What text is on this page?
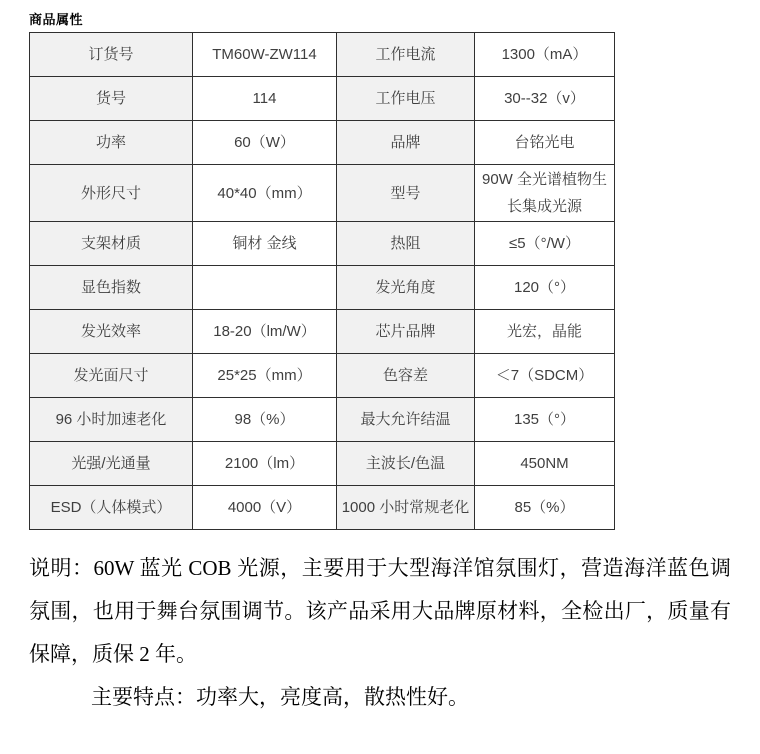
商品属性
订货号	TM60W-ZW114	工作电流	1300（mA）
货号	114	工作电压	30--32（v）
功率	60（W）	品牌	台铭光电
外形尺寸	40*40（mm）	型号	90W 全光谱植物生长集成光源
支架材质	铜材 金线	热阻	≤5（°/W）
显色指数		发光角度	120（°）
发光效率	18-20（lm/W）	芯片品牌	光宏，晶能
发光面尺寸	25*25（mm）	色容差	＜7（SDCM）
96 小时加速老化	98（%）	最大允许结温	135（°）
光强/光通量	2100（lm）	主波长/色温	450NM
ESD（人体模式）	4000（V）	1000 小时常规老化	85（%）
说明：60W 蓝光 COB 光源，主要用于大型海洋馆氛围灯，营造海洋蓝色调氛围，也用于舞台氛围调节。该产品采用大品牌原材料，全检出厂，质量有保障，质保 2 年。
主要特点：功率大，亮度高，散热性好。
